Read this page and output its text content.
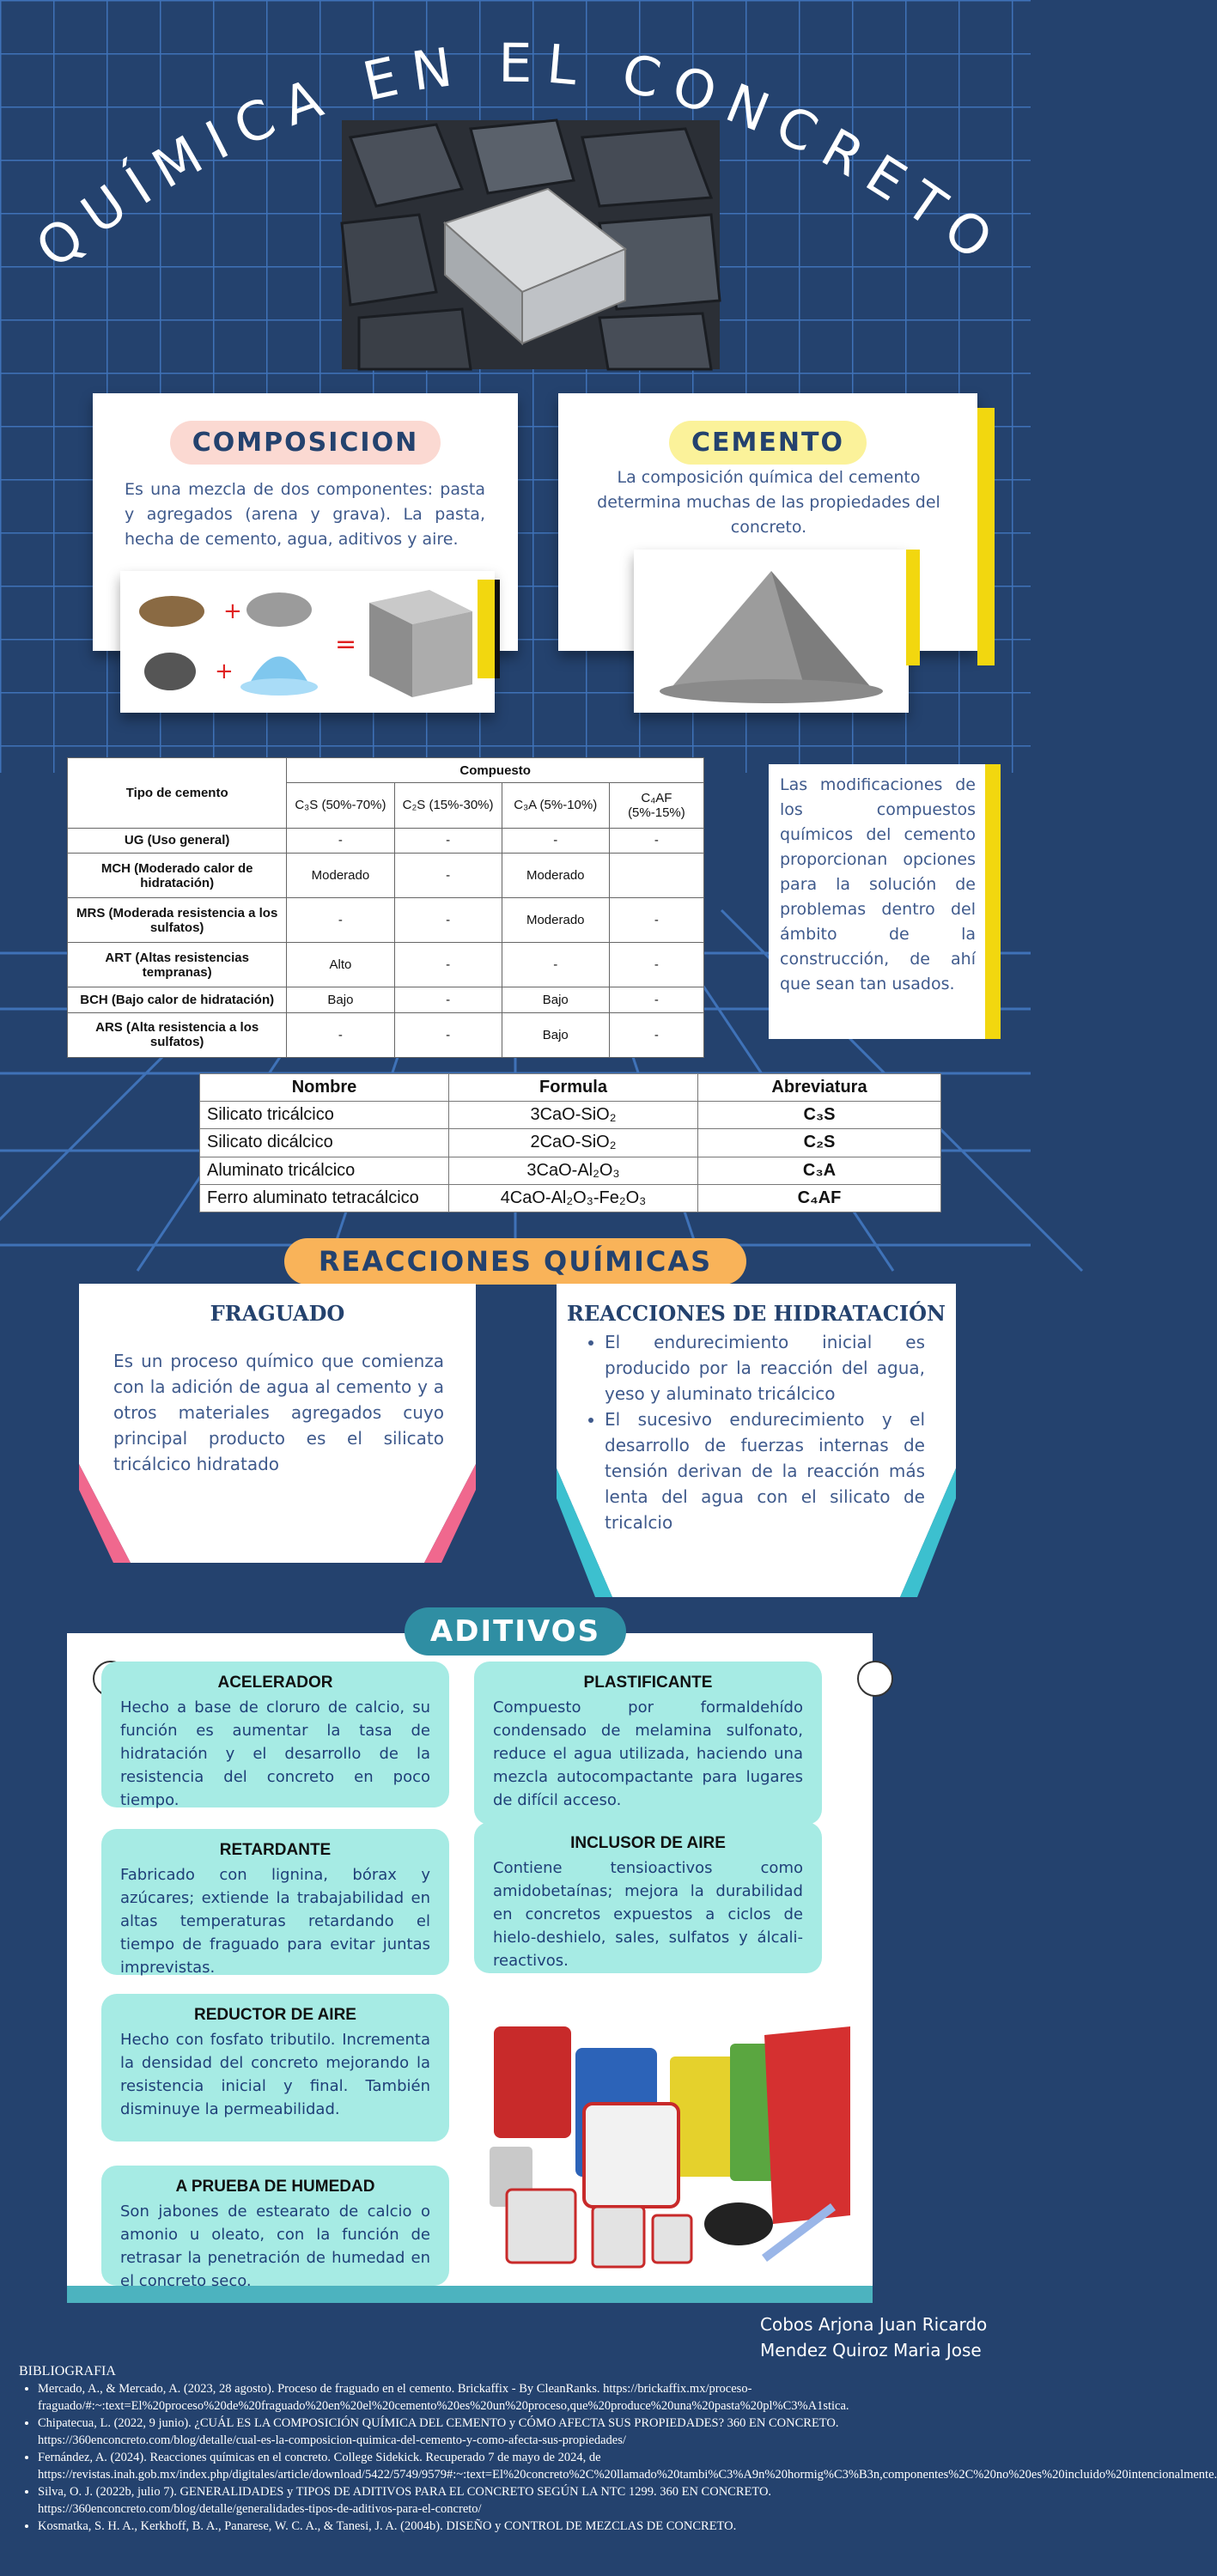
QUÍMICA EN EL CONCRETO
COMPOSICION

Es una mezcla de dos componentes: pasta y agregados (arena y grava). La pasta, hecha de cemento, agua, aditivos y aire.

+
+
=
CEMENTO

La composición química del cemento determina muchas de las propiedades del concreto.

Tipo de cemento	Compuesto			
	C₃S (50%-70%)	C₂S (15%-30%)	C₃A (5%-10%)	C₄AF (5%-15%)
UG (Uso general)	-	-	-	-
MCH (Moderado calor de hidratación)	Moderado	-	Moderado	
MRS (Moderada resistencia a los sulfatos)	-	-	Moderado	-
ART (Altas resistencias tempranas)	Alto	-	-	-
BCH (Bajo calor de hidratación)	Bajo	-	Bajo	-
ARS (Alta resistencia a los sulfatos)	-	-	Bajo	-

Las modificaciones de los compuestos químicos del cemento proporcionan opciones para la solución de problemas dentro del ámbito de la construcción, de ahí que sean tan usados.

Nombre	Formula	Abreviatura
Silicato tricálcico	3CaO-SiO₂	C₃S
Silicato dicálcico	2CaO-SiO₂	C₂S
Aluminato tricálcico	3CaO-Al₂O₃	C₃A
Ferro aluminato tetracálcico	4CaO-Al₂O₃-Fe₂O₃	C₄AF
REACCIONES QUÍMICAS
FRAGUADO

Es un proceso químico que comienza con la adición de agua al cemento y a otros materiales agregados cuyo principal producto es el silicato tricálcico hidratado

REACCIONES DE HIDRATACIÓN
• El endurecimiento inicial es producido por la reacción del agua, yeso y aluminato tricálcico
• El sucesivo endurecimiento y el desarrollo de fuerzas internas de tensión derivan de la reacción más lenta del agua con el silicato de tricalcio
ADITIVOS
ACELERADOR

Hecho a base de cloruro de calcio, su función es aumentar la tasa de hidratación y el desarrollo de la resistencia del concreto en poco tiempo.

PLASTIFICANTE

Compuesto por formaldehído condensado de melamina sulfonato, reduce el agua utilizada, haciendo una mezcla autocompactante para lugares de difícil acceso.

RETARDANTE

Fabricado con lignina, bórax y azúcares; extiende la trabajabilidad en altas temperaturas retardando el tiempo de fraguado para evitar juntas imprevistas.

INCLUSOR DE AIRE

Contiene tensioactivos como amidobetaínas; mejora la durabilidad en concretos expuestos a ciclos de hielo-deshielo, sales, sulfatos y álcali-reactivos.

REDUCTOR DE AIRE

Hecho con fosfato tributilo. Incrementa la densidad del concreto mejorando la resistencia inicial y final. También disminuye la permeabilidad.

A PRUEBA DE HUMEDAD

Son jabones de estearato de calcio o amonio u oleato, con la función de retrasar la penetración de humedad en el concreto seco.

Cobos Arjona Juan Ricardo

Mendez Quiroz Maria Jose

BIBLIOGRAFIA
• Mercado, A., & Mercado, A. (2023, 28 agosto). Proceso de fraguado en el cemento. Brickaffix - By CleanRanks. https://brickaffix.mx/proceso-fraguado/#:~:text=El%20proceso%20de%20fraguado%20en%20el%20cemento%20es%20un%20proceso,que%20produce%20una%20pasta%20pl%C3%A1stica.
• Chipatecua, L. (2022, 9 junio). ¿CUÁL ES LA COMPOSICIÓN QUÍMICA DEL CEMENTO y CÓMO AFECTA SUS PROPIEDADES? 360 EN CONCRETO. https://360enconcreto.com/blog/detalle/cual-es-la-composicion-quimica-del-cemento-y-como-afecta-sus-propiedades/
• Fernández, A. (2024). Reacciones químicas en el concreto. College Sidekick. Recuperado 7 de mayo de 2024, de https://revistas.inah.gob.mx/index.php/digitales/article/download/5422/5749/9579#:~:text=El%20concreto%2C%20llamado%20tambi%C3%A9n%20hormig%C3%B3n,componentes%2C%20no%20es%20incluido%20intencionalmente.
• Silva, O. J. (2022b, julio 7). GENERALIDADES y TIPOS DE ADITIVOS PARA EL CONCRETO SEGÚN LA NTC 1299. 360 EN CONCRETO. https://360enconcreto.com/blog/detalle/generalidades-tipos-de-aditivos-para-el-concreto/
• Kosmatka, S. H. A., Kerkhoff, B. A., Panarese, W. C. A., & Tanesi, J. A. (2004b). DISEÑO y CONTROL DE MEZCLAS DE CONCRETO.
